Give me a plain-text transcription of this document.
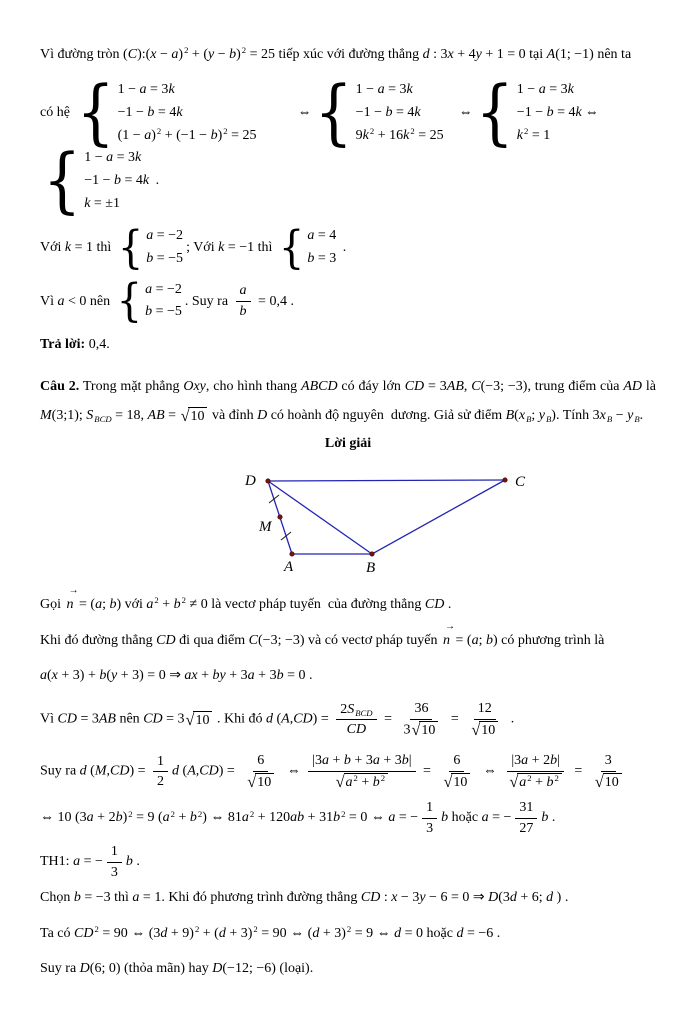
Vì đường tròn (C):(x − $a)^2 + (y - b)^2 = 25$ tiếp xúc với đường thẳng d : 3x + 4y + 1 = 0 tại A(1; −1) nên ta
có hệ { 1 − a = 3k
−1 − b = 4k
$(1 - a)^2 + (-1 - b)^2 = 25$
⇔ { 1 − a = 3k
−1 − b = 4k
$9k^2 + 16k^2 = 25$
⇔ { 1 − a = 3k
−1 − b = 4k
$k^2 = 1$
⇔
{ 1 − a = 3k
−1 − b = 4k
k = ±1
.
Với k = 1 thì { a = −2
b = −5
; Với k = −1 thì { a = 4
b = 3
.
Vì a < 0 nên { a = −2
b = −5
. Suy ra $\frac{a}{b} = 0,4$ .
Trả lời: 0,4.
Câu 2. Trong mặt phẳng Oxy, cho hình thang ABCD có đáy lớn CD = 3AB, C(−3; −3), trung điểm của AD là M(3;1); $S_{BCD} = 18$, AB = √ 10 và đỉnh D có hoành độ nguyên  dương. Giả sử điểm $B(x_B$; $y_B$). Tính $3x_B - y_B$.
Lời giải
D	C
M
A	B
Gọi
→
n = (a; b) với $a^2 + b^2 \ne 0$ là vectơ pháp tuyến  của đường thẳng CD .
Khi đó đường thẳng CD đi qua điểm C(−3; −3) và có vectơ pháp tuyến
→
n = (a; b) có phương trình là
a(x + 3) + b(y + 3) = 0 ⇒ ax + by + 3a + 3b = 0 .
Vì CD = 3AB nên CD = 3 √ 10 . Khi đó d $(A,CD) = \frac{2S_{BCD}}{CD} = \frac{36}{3 √ 10} = \frac{12}{√ 10}$ .
Suy ra d $(M,CD) = \frac{1}{2}$ d $(A,CD) = \frac{6}{√ 10}$ ⇔ $\frac{|3a + b + 3a + 3b|}{√ a^2 + b^2} = \frac{6}{√ 10}$ ⇔ $\frac{|3a + 2b|}{√ a^2 + b^2} = \frac{3}{√ 10}$
⇔ 10 $(3a + 2b)^2 = 9$ $(a^2 + b^2)$ ⇔ $81a^2 + 120ab + 31b^2 = 0$ ⇔ a = − $\frac{1}{3}$ b hoặc a = − $\frac{31}{27}$ b .
TH1: a = − $\frac{1}{3}$ b .
Chọn b = −3 thì a = 1. Khi đó phương trình đường thẳng CD : x − 3y − 6 = 0 ⇒ D(3d + 6; d ) .
Ta có $CD^2 = 90$ ⇔ $(3d + 9)^2 + (d + 3)^2 = 90$ ⇔ $(d + 3)^2 = 9$ ⇔ d = 0 hoặc d = −6 .
Suy ra D(6; 0) (thỏa mãn) hay D(−12; −6) (loại).
